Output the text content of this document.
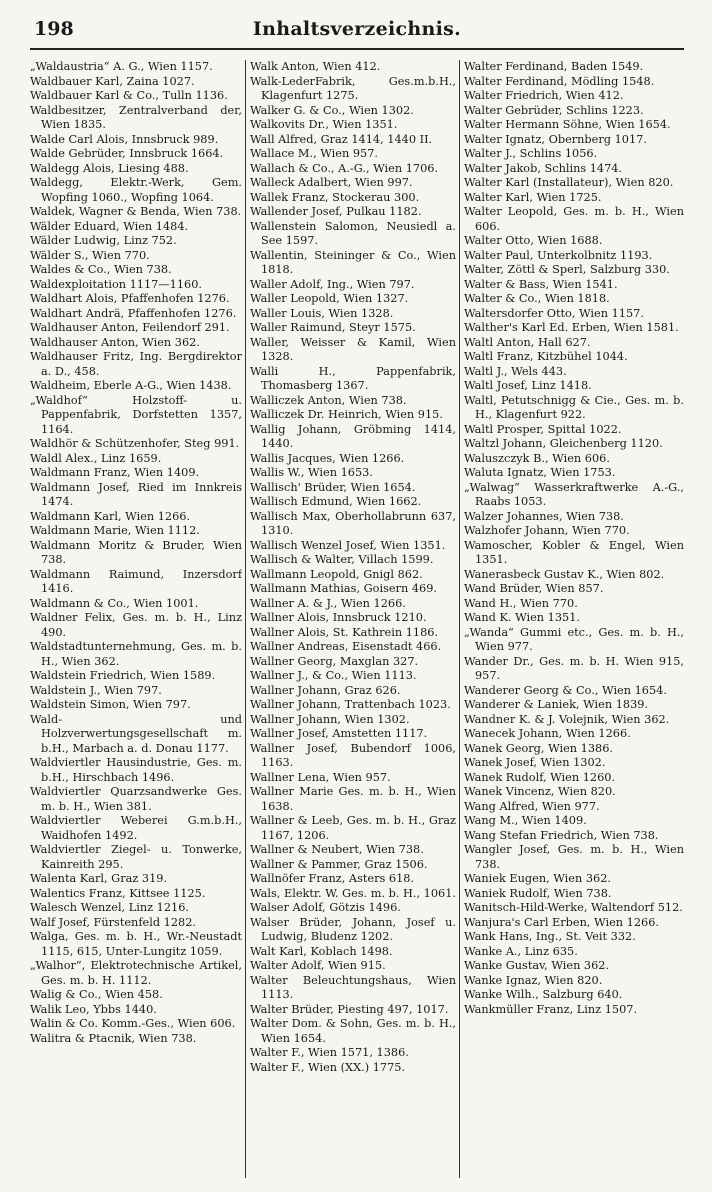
198	Inhaltsverzeichnis.

„Waldaustria“ A. G., Wien 1157.

Waldbauer Karl, Zaina 1027.

Waldbauer Karl & Co., Tulln 1136.

Waldbesitzer, Zentralverband der, Wien 1835.

Walde Carl Alois, Innsbruck 989.

Walde Gebrüder, Innsbruck 1664.

Waldegg Alois, Liesing 488.

Waldegg, Elektr.-Werk, Gem. Wopfing 1060., Wopfing 1064.

Waldek, Wagner & Benda, Wien 738.

Wälder Eduard, Wien 1484.

Wälder Ludwig, Linz 752.

Wälder S., Wien 770.

Waldes & Co., Wien 738.

Waldexploitation 1117—1160.

Waldhart Alois, Pfaffenhofen 1276.

Waldhart Andrä, Pfaffenhofen 1276.

Waldhauser Anton, Feilendorf 291.

Waldhauser Anton, Wien 362.

Waldhauser Fritz, Ing. Bergdirektor a. D., 458.

Waldheim, Eberle A-G., Wien 1438.

„Waldhof“ Holzstoff- u. Pappenfabrik, Dorfstetten 1357, 1164.

Waldhör & Schützenhofer, Steg 991.

Waldl Alex., Linz 1659.

Waldmann Franz, Wien 1409.

Waldmann Josef, Ried im Innkreis 1474.

Waldmann Karl, Wien 1266.

Waldmann Marie, Wien 1112.

Waldmann Moritz & Bruder, Wien 738.

Waldmann Raimund, Inzersdorf 1416.

Waldmann & Co., Wien 1001.

Waldner Felix, Ges. m. b. H., Linz 490.

Waldstadtunternehmung, Ges. m. b. H., Wien 362.

Waldstein Friedrich, Wien 1589.

Waldstein J., Wien 797.

Waldstein Simon, Wien 797.

Wald- und Holzverwertungsgesellschaft m. b.H., Marbach a. d. Donau 1177.

Waldviertler Hausindustrie, Ges. m. b.H., Hirschbach 1496.

Waldviertler Quarzsandwerke Ges. m. b. H., Wien 381.

Waldviertler Weberei G.m.b.H., Waidhofen 1492.

Waldviertler Ziegel- u. Tonwerke, Kainreith 295.

Walenta Karl, Graz 319.

Walentics Franz, Kittsee 1125.

Walesch Wenzel, Linz 1216.

Walf Josef, Fürstenfeld 1282.

Walga, Ges. m. b. H., Wr.-Neustadt 1115, 615, Unter-Lungitz 1059.

„Walhor“, Elektrotechnische Artikel, Ges. m. b. H. 1112.

Walig & Co., Wien 458.

Walik Leo, Ybbs 1440.

Walin & Co. Komm.-Ges., Wien 606.

Walitra & Ptacnik, Wien 738.

Walk Anton, Wien 412.

Walk-LederFabrik, Ges.m.b.H., Klagenfurt 1275.

Walker G. & Co., Wien 1302.

Walkovits Dr., Wien 1351.

Wall Alfred, Graz 1414, 1440 II.

Wallace M., Wien 957.

Wallach & Co., A.-G., Wien 1706.

Walleck Adalbert, Wien 997.

Wallek Franz, Stockerau 300.

Wallender Josef, Pulkau 1182.

Wallenstein Salomon, Neusiedl a. See 1597.

Wallentin, Steininger & Co., Wien 1818.

Waller Adolf, Ing., Wien 797.

Waller Leopold, Wien 1327.

Waller Louis, Wien 1328.

Waller Raimund, Steyr 1575.

Waller, Weisser & Kamil, Wien 1328.

Walli H., Pappenfabrik, Thomasberg 1367.

Walliczek Anton, Wien 738.

Walliczek Dr. Heinrich, Wien 915.

Wallig Johann, Gröbming 1414, 1440.

Wallis Jacques, Wien 1266.

Wallis W., Wien 1653.

Wallisch' Brüder, Wien 1654.

Wallisch Edmund, Wien 1662.

Wallisch Max, Oberhollabrunn 637, 1310.

Wallisch Wenzel Josef, Wien 1351.

Wallisch & Walter, Villach 1599.

Wallmann Leopold, Gnigl 862.

Wallmann Mathias, Goisern 469.

Wallner A. & J., Wien 1266.

Wallner Alois, Innsbruck 1210.

Wallner Alois, St. Kathrein 1186.

Wallner Andreas, Eisenstadt 466.

Wallner Georg, Maxglan 327.

Wallner J., & Co., Wien 1113.

Wallner Johann, Graz 626.

Wallner Johann, Trattenbach 1023.

Wallner Johann, Wien 1302.

Wallner Josef, Amstetten 1117.

Wallner Josef, Bubendorf 1006, 1163.

Wallner Lena, Wien 957.

Wallner Marie Ges. m. b. H., Wien 1638.

Wallner & Leeb, Ges. m. b. H., Graz 1167, 1206.

Wallner & Neubert, Wien 738.

Wallner & Pammer, Graz 1506.

Wallnöfer Franz, Asters 618.

Wals, Elektr. W. Ges. m. b. H., 1061.

Walser Adolf, Götzis 1496.

Walser Brüder, Johann, Josef u. Ludwig, Bludenz 1202.

Walt Karl, Koblach 1498.

Walter Adolf, Wien 915.

Walter Beleuchtungshaus, Wien 1113.

Walter Brüder, Piesting 497, 1017.

Walter Dom. & Sohn, Ges. m. b. H., Wien 1654.

Walter F., Wien 1571, 1386.

Walter F., Wien (XX.) 1775.

Walter Ferdinand, Baden 1549.

Walter Ferdinand, Mödling 1548.

Walter Friedrich, Wien 412.

Walter Gebrüder, Schlins 1223.

Walter Hermann Söhne, Wien 1654.

Walter Ignatz, Obernberg 1017.

Walter J., Schlins 1056.

Walter Jakob, Schlins 1474.

Walter Karl (Installateur), Wien 820.

Walter Karl, Wien 1725.

Walter Leopold, Ges. m. b. H., Wien 606.

Walter Otto, Wien 1688.

Walter Paul, Unterkolbnitz 1193.

Walter, Zöttl & Sperl, Salzburg 330.

Walter & Bass, Wien 1541.

Walter & Co., Wien 1818.

Waltersdorfer Otto, Wien 1157.

Walther's Karl Ed. Erben, Wien 1581.

Waltl Anton, Hall 627.

Waltl Franz, Kitzbühel 1044.

Waltl J., Wels 443.

Waltl Josef, Linz 1418.

Waltl, Petutschnigg & Cie., Ges. m. b. H., Klagenfurt 922.

Waltl Prosper, Spittal 1022.

Waltzl Johann, Gleichenberg 1120.

Waluszczyk B., Wien 606.

Waluta Ignatz, Wien 1753.

„Walwag“ Wasserkraftwerke A.-G., Raabs 1053.

Walzer Johannes, Wien 738.

Walzhofer Johann, Wien 770.

Wamoscher, Kobler & Engel, Wien 1351.

Wanerasbeck Gustav K., Wien 802.

Wand Brüder, Wien 857.

Wand H., Wien 770.

Wand K. Wien 1351.

„Wanda“ Gummi etc., Ges. m. b. H., Wien 977.

Wander Dr., Ges. m. b. H. Wien 915, 957.

Wanderer Georg & Co., Wien 1654.

Wanderer & Laniek, Wien 1839.

Wandner K. & J. Volejnik, Wien 362.

Wanecek Johann, Wien 1266.

Wanek Georg, Wien 1386.

Wanek Josef, Wien 1302.

Wanek Rudolf, Wien 1260.

Wanek Vincenz, Wien 820.

Wang Alfred, Wien 977.

Wang M., Wien 1409.

Wang Stefan Friedrich, Wien 738.

Wangler Josef, Ges. m. b. H., Wien 738.

Waniek Eugen, Wien 362.

Waniek Rudolf, Wien 738.

Wanitsch-Hild-Werke, Waltendorf 512.

Wanjura's Carl Erben, Wien 1266.

Wank Hans, Ing., St. Veit 332.

Wanke A., Linz 635.

Wanke Gustav, Wien 362.

Wanke Ignaz, Wien 820.

Wanke Wilh., Salzburg 640.

Wankmüller Franz, Linz 1507.
